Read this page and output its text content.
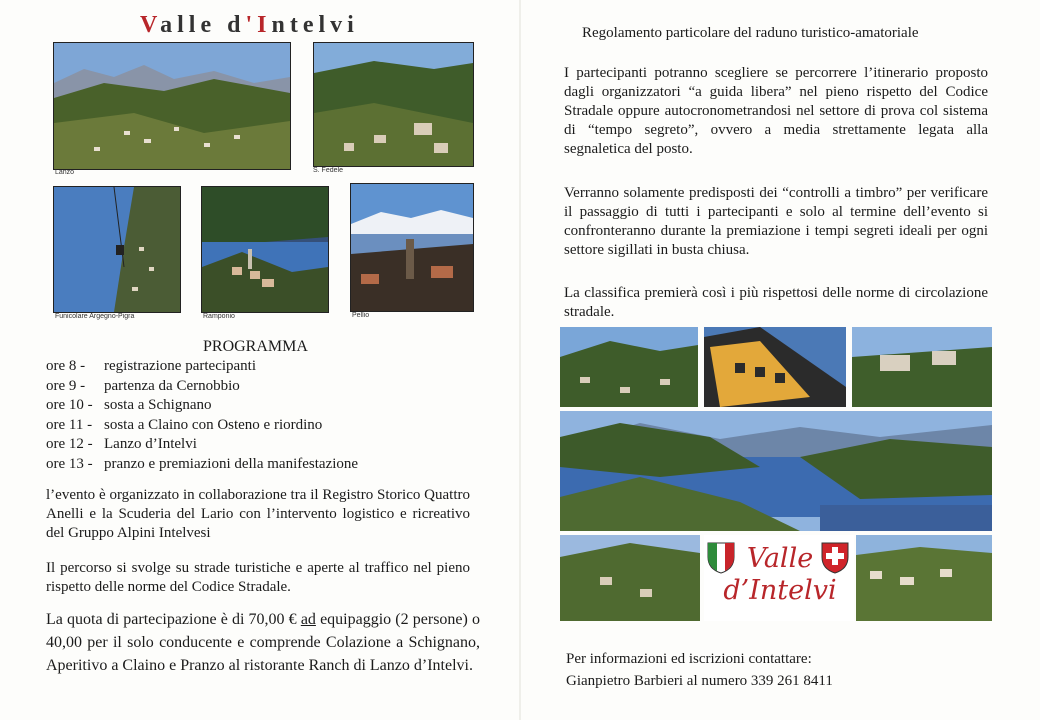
Valle d'Intelvi
Lanzo	S. Fedele
Funicolare Argegno-Pigra	Ramponio	Pellio
PROGRAMMA
ore 8 -	registrazione partecipanti
ore 9 -	partenza da Cernobbio
ore 10 - sosta a Schignano
ore 11 - sosta a Claino con Osteno e riordino
ore 12 - Lanzo d’Intelvi
ore 13 - pranzo e premiazioni della manifestazione
l’evento è organizzato in collaborazione tra il Registro Storico Quattro Anelli e la Scuderia del Lario con l’intervento logistico e ricreativo del Gruppo Alpini Intelvesi
Il percorso si svolge su strade turistiche e aperte al traffico nel pieno rispetto delle norme del Codice Stradale.
La quota di partecipazione è di 70,00 € ad equipaggio (2 persone) o 40,00 per il solo conducente e comprende Colazione a Schignano, Aperitivo a Claino e Pranzo al ristorante Ranch di Lanzo d’Intelvi.
Regolamento particolare del raduno turistico-amatoriale
I partecipanti potranno scegliere se percorrere l’itinerario proposto dagli organizzatori “a guida libera” nel pieno rispetto del Codice Stradale oppure autocronometrandosi nel settore di prova col sistema di “tempo segreto”, ovvero a media strettamente legata alla segnaletica del posto.
Verranno solamente predisposti dei “controlli a timbro” per verificare il passaggio di tutti i partecipanti e solo al termine dell’evento si confronteranno durante la premiazione i tempi segreti ideali per ogni settore sigillati in busta chiusa.
La classifica premierà così i più rispettosi delle norme di circolazione stradale.
Valle
d’Intelvi
Per informazioni ed iscrizioni contattare:
Gianpietro Barbieri al numero 339 261 8411
